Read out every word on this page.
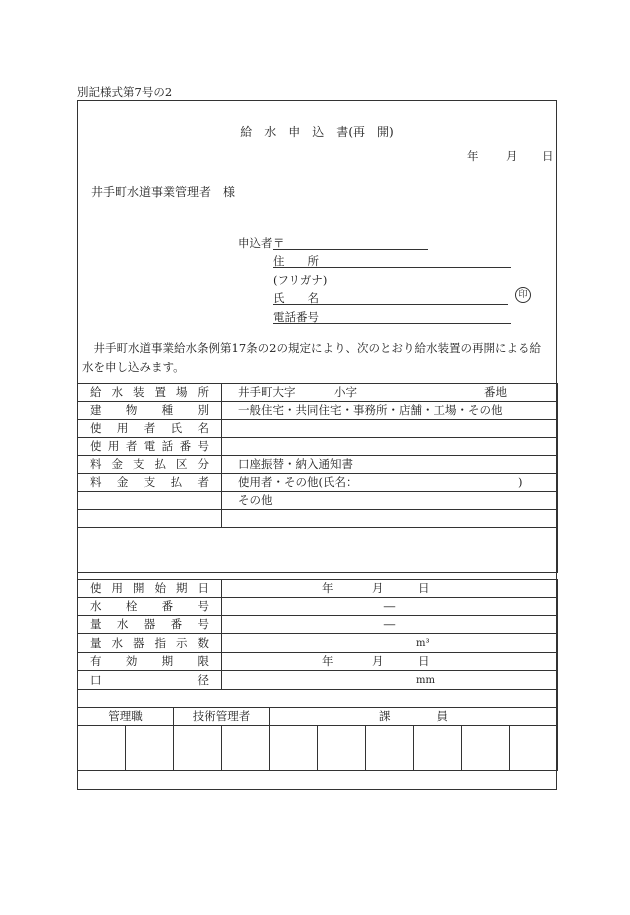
別記様式第7号の2
給　水　申　込　書(再　開)
年 月 日
井手町水道事業管理者　様
申込者 〒
住　　所
(フリガナ)
氏　　名	印
電話番号
　井手町水道事業給水条例第17条の2の規定により、次のとおり給水装置の再開による給
水を申し込みます。
給水装置場所	井手町大字 小字 番地
建物種別	一般住宅・共同住宅・事務所・店舗・工場・その他
使用者氏名	
使用者電話番号	
料金支払区分	口座振替・納入通知書
料金支払者	使用者・その他(氏名： )
	その他

使用開始期日	年 月 日
水栓番号	―
量水器番号	―
量水器指示数	m³
有効期限	年 月 日
口径	mm

管理職		技術管理者		課　　　　員					
